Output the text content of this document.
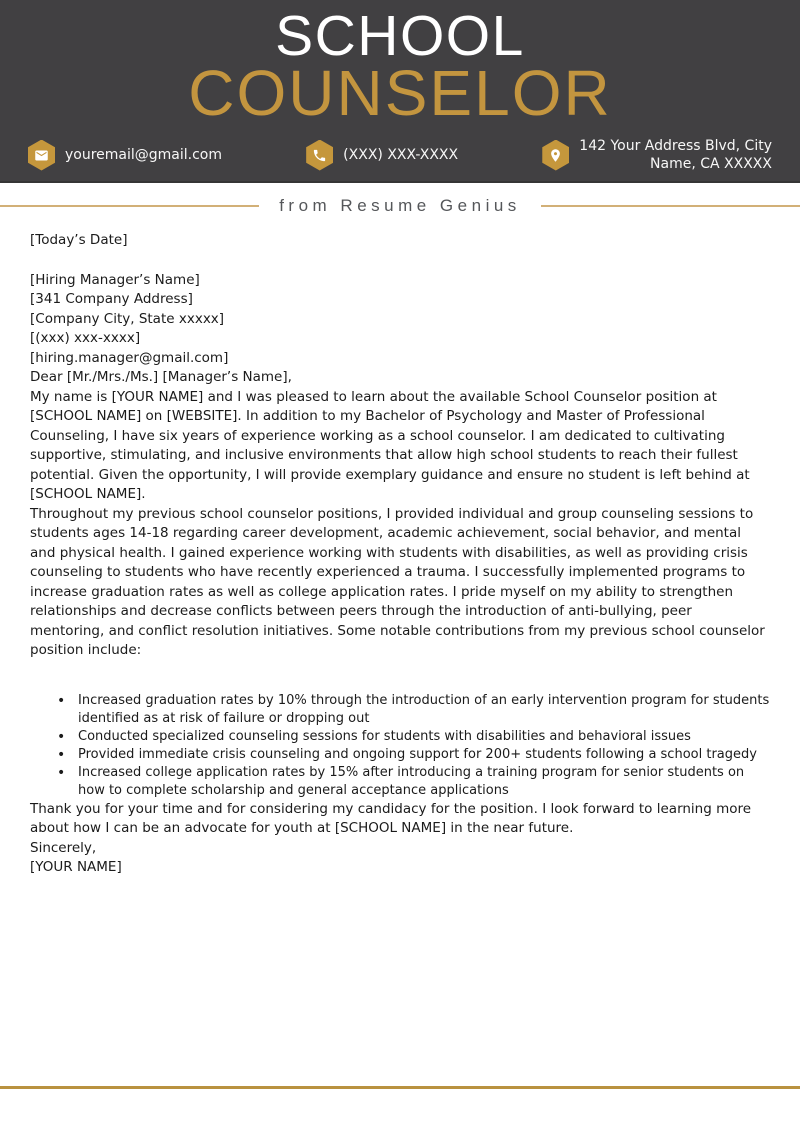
SCHOOL
COUNSELOR
youremail@gmail.com	(XXX) XXX-XXXX
142 Your Address Blvd, City
Name, CA XXXXX
from Resume Genius

[Today’s Date]

[Hiring Manager’s Name]
[341 Company Address]
[Company City, State xxxxx]
[(xxx) xxx-xxxx]
[hiring.manager@gmail.com]

Dear [Mr./Mrs./Ms.] [Manager’s Name],

My name is [YOUR NAME] and I was pleased to learn about the available School Counselor position at [SCHOOL NAME] on [WEBSITE]. In addition to my Bachelor of Psychology and Master of Professional Counseling, I have six years of experience working as a school counselor. I am dedicated to cultivating supportive, stimulating, and inclusive environments that allow high school students to reach their fullest potential. Given the opportunity, I will provide exemplary guidance and ensure no student is left behind at [SCHOOL NAME].

Throughout my previous school counselor positions, I provided individual and group counseling sessions to students ages 14-18 regarding career development, academic achievement, social behavior, and mental and physical health. I gained experience working with students with disabilities, as well as providing crisis counseling to students who have recently experienced a trauma. I successfully implemented programs to increase graduation rates as well as college application rates. I pride myself on my ability to strengthen relationships and decrease conflicts between peers through the introduction of anti-bullying, peer mentoring, and conflict resolution initiatives. Some notable contributions from my previous school counselor position include:

• Increased graduation rates by 10% through the introduction of an early intervention program for students identified as at risk of failure or dropping out
• Conducted specialized counseling sessions for students with disabilities and behavioral issues
• Provided immediate crisis counseling and ongoing support for 200+ students following a school tragedy
• Increased college application rates by 15% after introducing a training program for senior students on how to complete scholarship and general acceptance applications

Thank you for your time and for considering my candidacy for the position. I look forward to learning more about how I can be an advocate for youth at [SCHOOL NAME] in the near future.

Sincerely,

[YOUR NAME]
